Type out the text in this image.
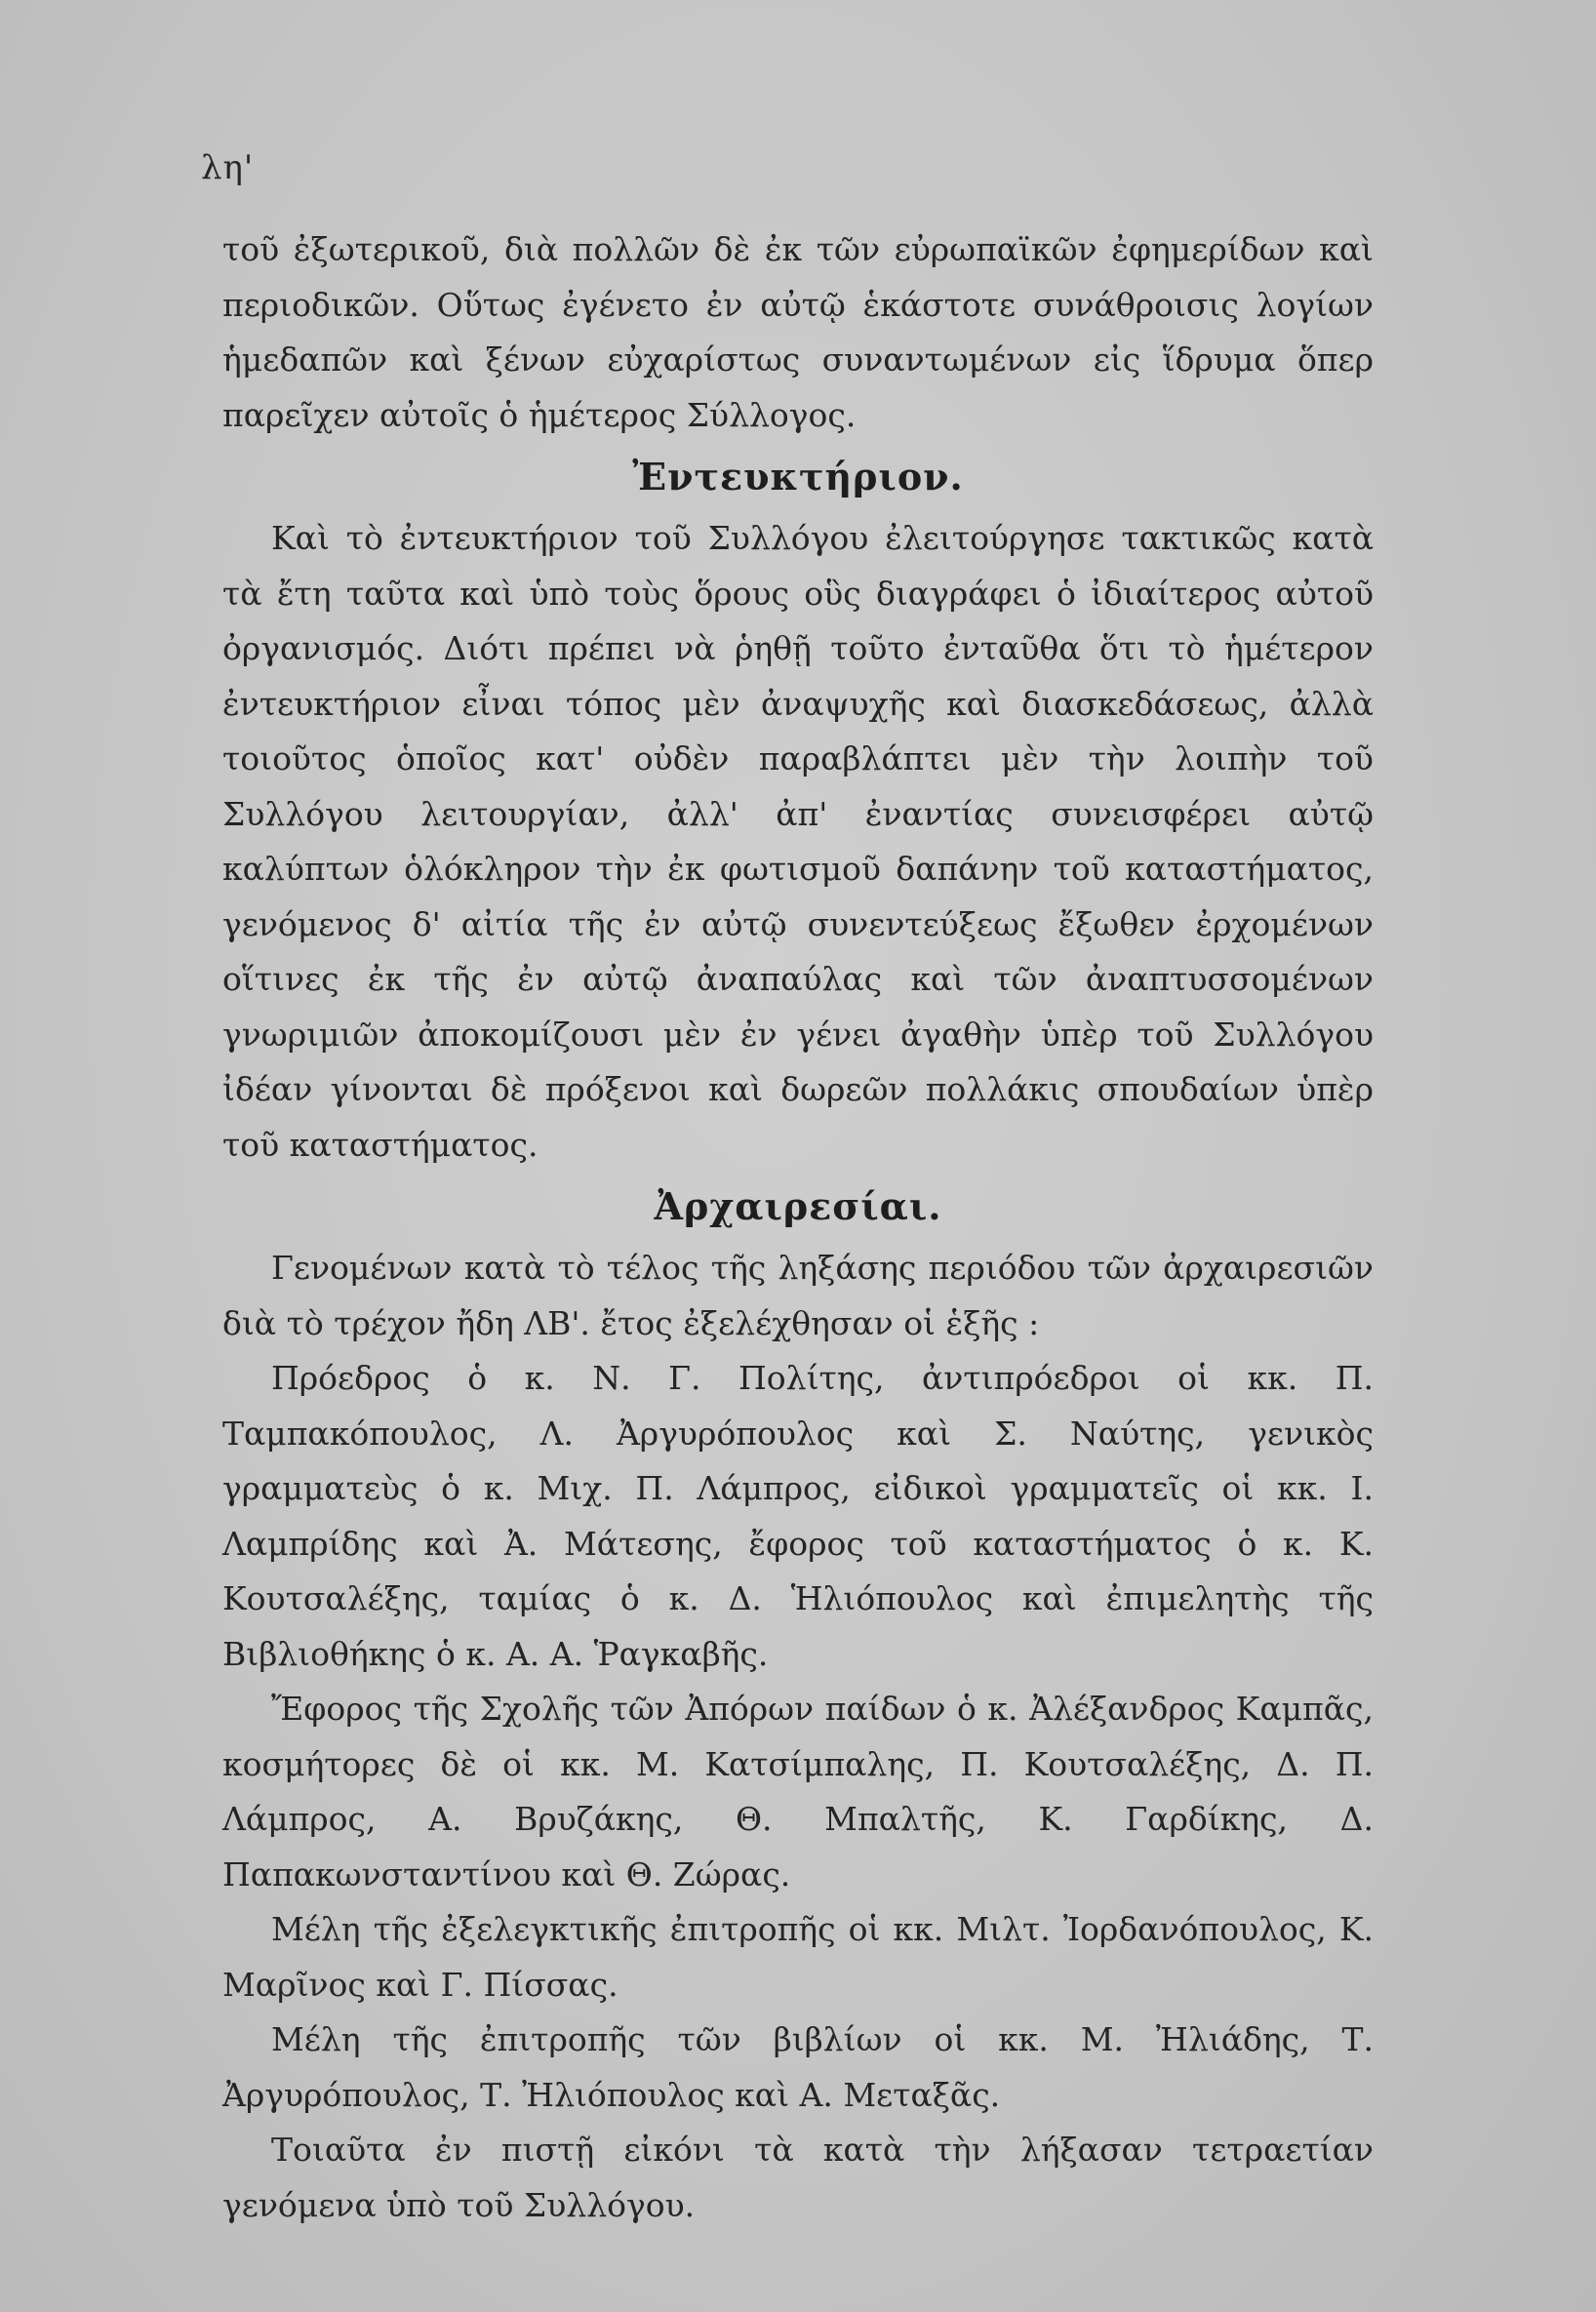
λη'

τοῦ ἐξωτερικοῦ, διὰ πολλῶν δὲ ἐκ τῶν εὐρωπαϊκῶν ἐφημερίδων καὶ περιοδικῶν. Οὕτως ἐγένετο ἐν αὐτῷ ἑκάστοτε συνάθροισις λογίων ἡμεδαπῶν καὶ ξένων εὐχαρίστως συναντωμένων εἰς ἵδρυμα ὅπερ παρεῖχεν αὐτοῖς ὁ ἡμέτερος Σύλλογος.

Ἐντευκτήριον.

Καὶ τὸ ἐντευκτήριον τοῦ Συλλόγου ἐλειτούργησε τακτικῶς κατὰ τὰ ἔτη ταῦτα καὶ ὑπὸ τοὺς ὅρους οὓς διαγράφει ὁ ἰδιαίτερος αὐτοῦ ὀργανισμός. Διότι πρέπει νὰ ῥηθῇ τοῦτο ἐνταῦθα ὅτι τὸ ἡμέτερον ἐντευκτήριον εἶναι τόπος μὲν ἀναψυχῆς καὶ διασκεδάσεως, ἀλλὰ τοιοῦτος ὁποῖος κατ' οὐδὲν παραβλάπτει μὲν τὴν λοιπὴν τοῦ Συλλόγου λειτουργίαν, ἀλλ' ἀπ' ἐναντίας συνεισφέρει αὐτῷ καλύπτων ὁλόκληρον τὴν ἐκ φωτισμοῦ δαπάνην τοῦ καταστήματος, γενόμενος δ' αἰτία τῆς ἐν αὐτῷ συνεντεύξεως ἔξωθεν ἐρχομένων οἵτινες ἐκ τῆς ἐν αὐτῷ ἀναπαύλας καὶ τῶν ἀναπτυσσομένων γνωριμιῶν ἀποκομίζουσι μὲν ἐν γένει ἀγαθὴν ὑπὲρ τοῦ Συλλόγου ἰδέαν γίνονται δὲ πρόξενοι καὶ δωρεῶν πολλάκις σπουδαίων ὑπὲρ τοῦ καταστήματος.

Ἀρχαιρεσίαι.

Γενομένων κατὰ τὸ τέλος τῆς ληξάσης περιόδου τῶν ἀρχαιρεσιῶν διὰ τὸ τρέχον ἤδη ΛΒ'. ἔτος ἐξελέχθησαν οἱ ἑξῆς :

Πρόεδρος ὁ κ. Ν. Γ. Πολίτης, ἀντιπρόεδροι οἱ κκ. Π. Ταμπακόπουλος, Λ. Ἀργυρόπουλος καὶ Σ. Ναύτης, γενικὸς γραμματεὺς ὁ κ. Μιχ. Π. Λάμπρος, εἰδικοὶ γραμματεῖς οἱ κκ. Ι. Λαμπρίδης καὶ Ἀ. Μάτεσης, ἔφορος τοῦ καταστήματος ὁ κ. Κ. Κουτσαλέξης, ταμίας ὁ κ. Δ. Ἡλιόπουλος καὶ ἐπιμελητὴς τῆς Βιβλιοθήκης ὁ κ. Α. Α. Ῥαγκαβῆς.

Ἔφορος τῆς Σχολῆς τῶν Ἀπόρων παίδων ὁ κ. Ἀλέξανδρος Καμπᾶς, κοσμήτορες δὲ οἱ κκ. Μ. Κατσίμπαλης, Π. Κουτσαλέξης, Δ. Π. Λάμπρος, Α. Βρυζάκης, Θ. Μπαλτῆς, Κ. Γαρδίκης, Δ. Παπακωνσταντίνου καὶ Θ. Ζώρας.

Μέλη τῆς ἐξελεγκτικῆς ἐπιτροπῆς οἱ κκ. Μιλτ. Ἰορδανόπουλος, Κ. Μαρῖνος καὶ Γ. Πίσσας.

Μέλη τῆς ἐπιτροπῆς τῶν βιβλίων οἱ κκ. Μ. Ἠλιάδης, Τ. Ἀργυρόπουλος, Τ. Ἠλιόπουλος καὶ Α. Μεταξᾶς.

Τοιαῦτα ἐν πιστῇ εἰκόνι τὰ κατὰ τὴν λήξασαν τετραετίαν γενόμενα ὑπὸ τοῦ Συλλόγου.
